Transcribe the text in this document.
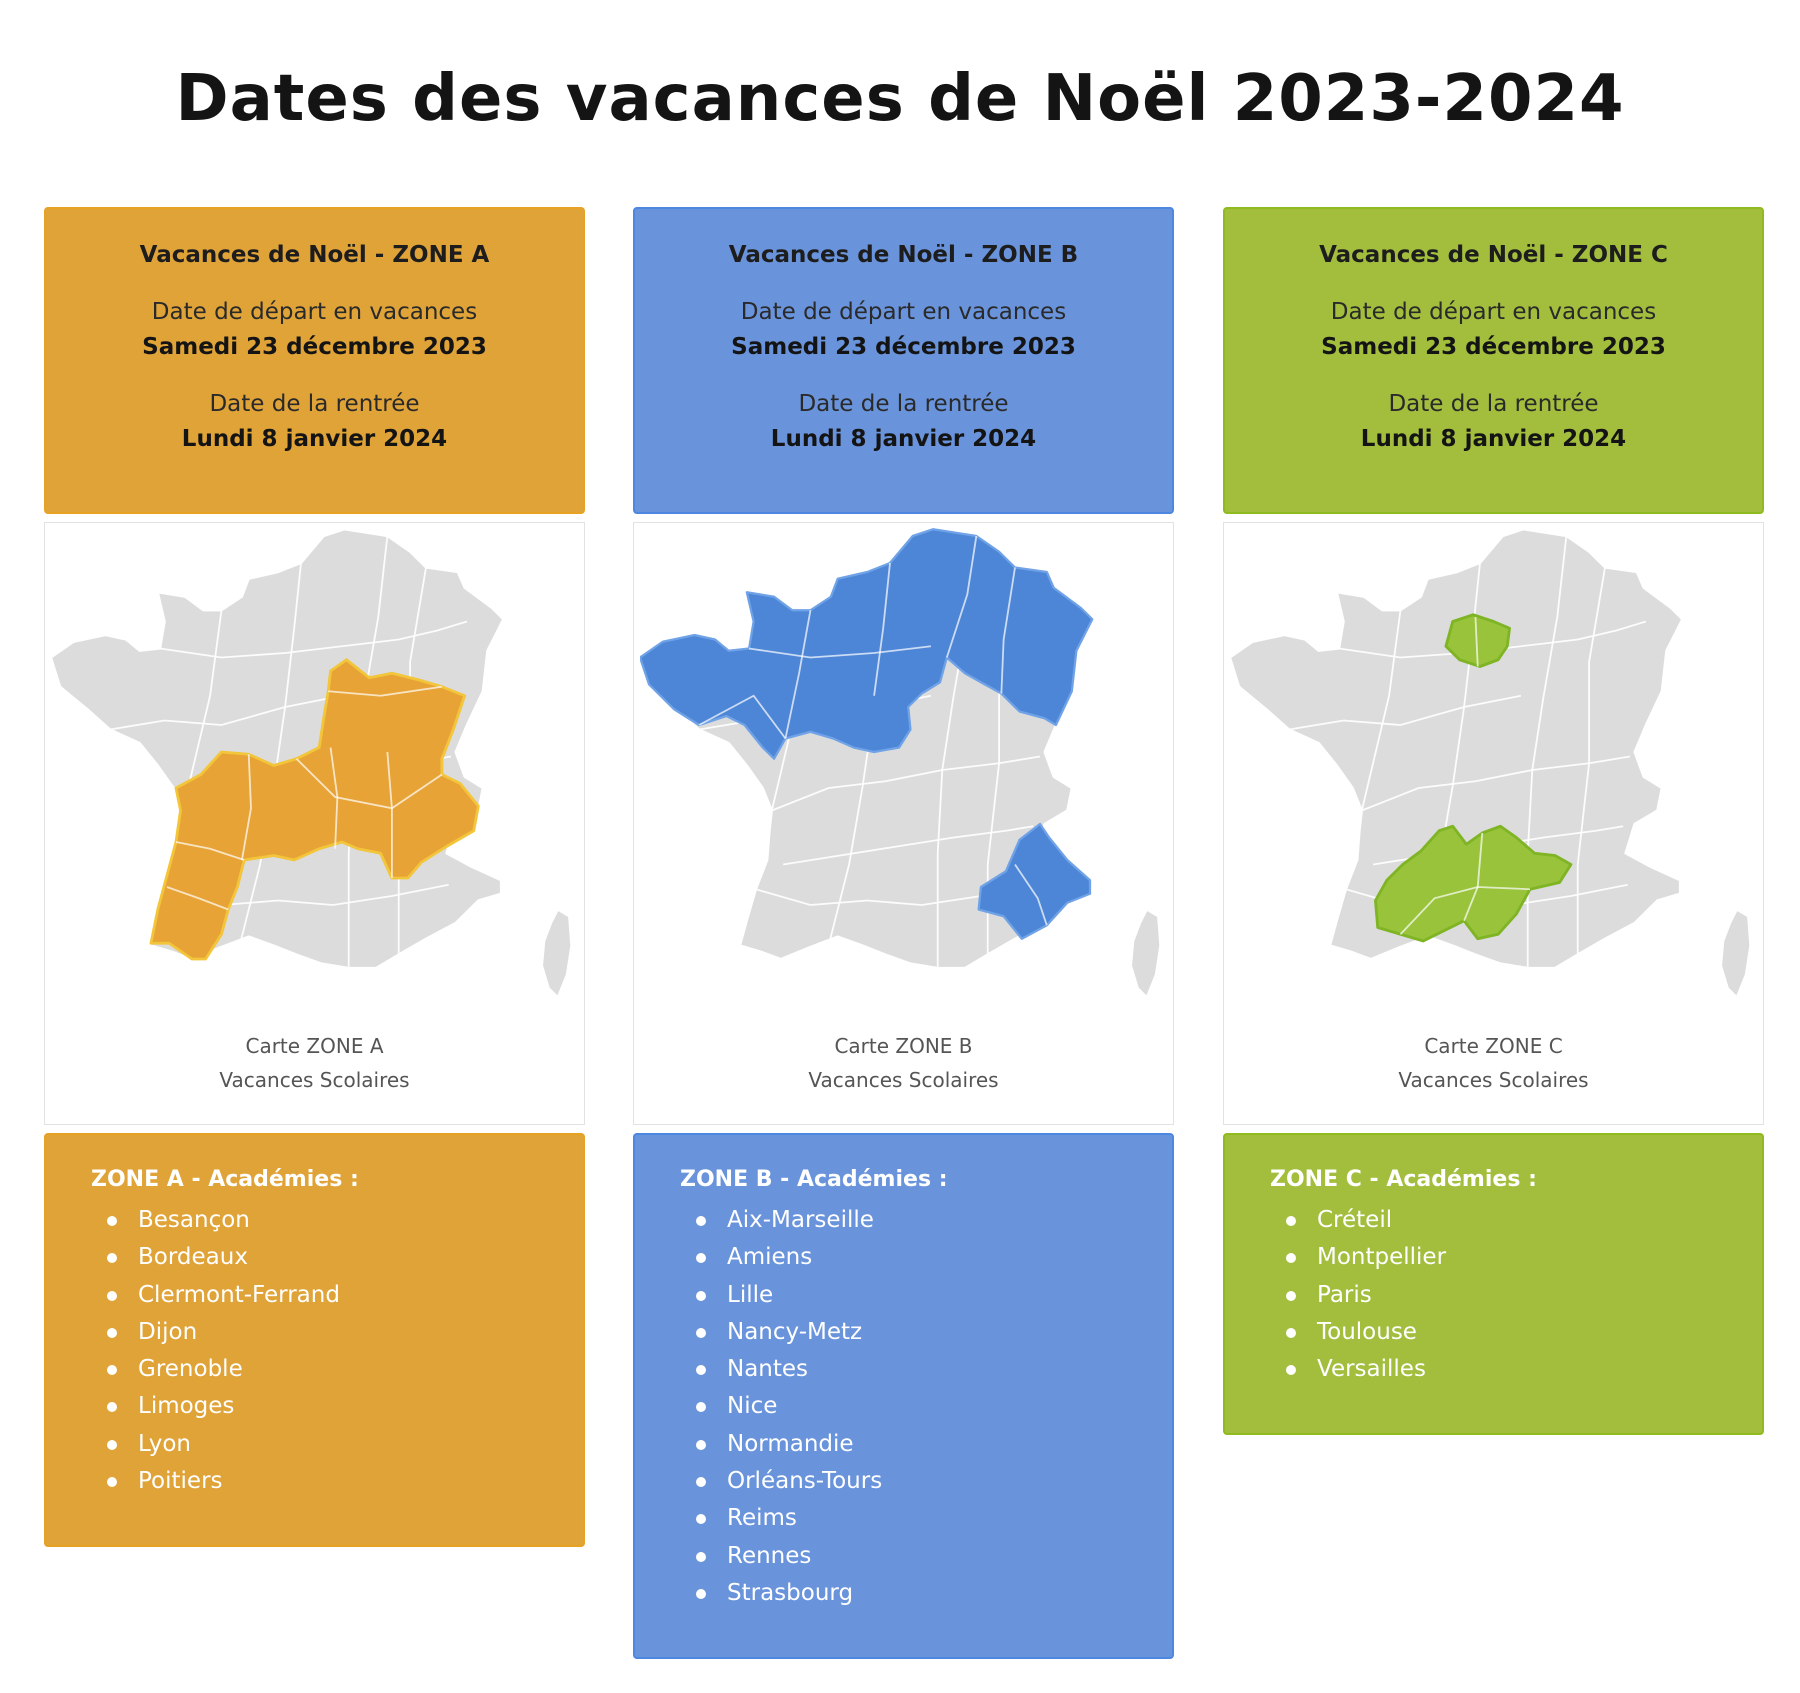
Dates des vacances de Noël 2023-2024
Vacances de Noël - ZONE A
Date de départ en vacances
Samedi 23 décembre 2023
Date de la rentrée
Lundi 8 janvier 2024
Carte ZONE A
Vacances Scolaires
ZONE A - Académies :
Besançon
Bordeaux
Clermont-Ferrand
Dijon
Grenoble
Limoges
Lyon
Poitiers
Vacances de Noël - ZONE B
Date de départ en vacances
Samedi 23 décembre 2023
Date de la rentrée
Lundi 8 janvier 2024
Carte ZONE B
Vacances Scolaires
ZONE B - Académies :
Aix-Marseille
Amiens
Lille
Nancy-Metz
Nantes
Nice
Normandie
Orléans-Tours
Reims
Rennes
Strasbourg
Vacances de Noël - ZONE C
Date de départ en vacances
Samedi 23 décembre 2023
Date de la rentrée
Lundi 8 janvier 2024
Carte ZONE C
Vacances Scolaires
ZONE C - Académies :
Créteil
Montpellier
Paris
Toulouse
Versailles
